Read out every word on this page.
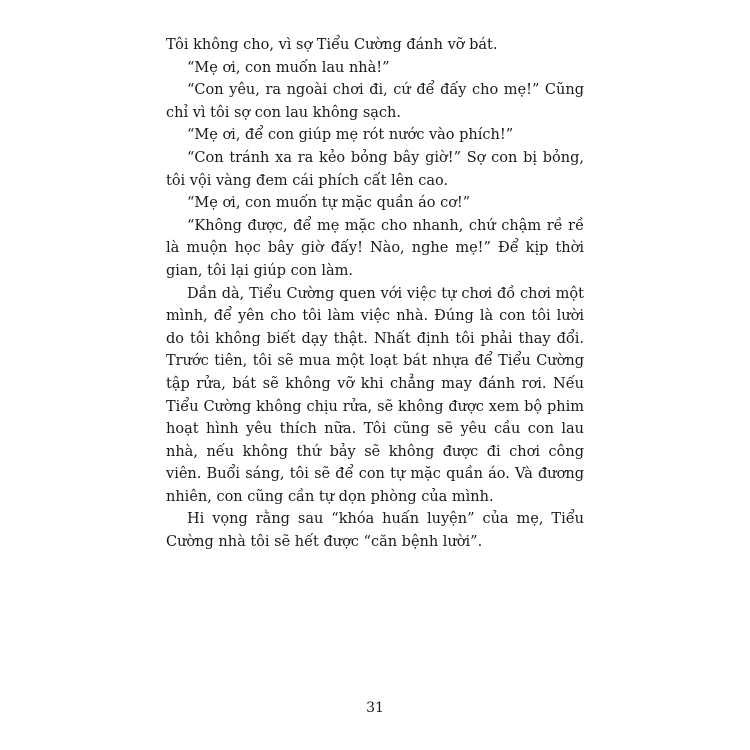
Tôi không cho, vì sợ Tiểu Cường đánh vỡ bát.

“Mẹ ơi, con muốn lau nhà!”

“Con yêu, ra ngoài chơi đi, cứ để đấy cho mẹ!” Cũng chỉ vì tôi sợ con lau không sạch.

“Mẹ ơi, để con giúp mẹ rót nước vào phích!”

“Con tránh xa ra kẻo bỏng bây giờ!” Sợ con bị bỏng, tôi vội vàng đem cái phích cất lên cao.

“Mẹ ơi, con muốn tự mặc quần áo cơ!”

“Không được, để mẹ mặc cho nhanh, chứ chậm rề rề là muộn học bây giờ đấy! Nào, nghe mẹ!” Để kịp thời gian, tôi lại giúp con làm.

Dần dà, Tiểu Cường quen với việc tự chơi đồ chơi một mình, để yên cho tôi làm việc nhà. Đúng là con tôi lười do tôi không biết dạy thật. Nhất định tôi phải thay đổi. Trước tiên, tôi sẽ mua một loạt bát nhựa để Tiểu Cường tập rửa, bát sẽ không vỡ khi chẳng may đánh rơi. Nếu Tiểu Cường không chịu rửa, sẽ không được xem bộ phim hoạt hình yêu thích nữa. Tôi cũng sẽ yêu cầu con lau nhà, nếu không thứ bảy sẽ không được đi chơi công viên. Buổi sáng, tôi sẽ để con tự mặc quần áo. Và đương nhiên, con cũng cần tự dọn phòng của mình.

Hi vọng rằng sau “khóa huấn luyện” của mẹ, Tiểu Cường nhà tôi sẽ hết được “căn bệnh lười”.

31
